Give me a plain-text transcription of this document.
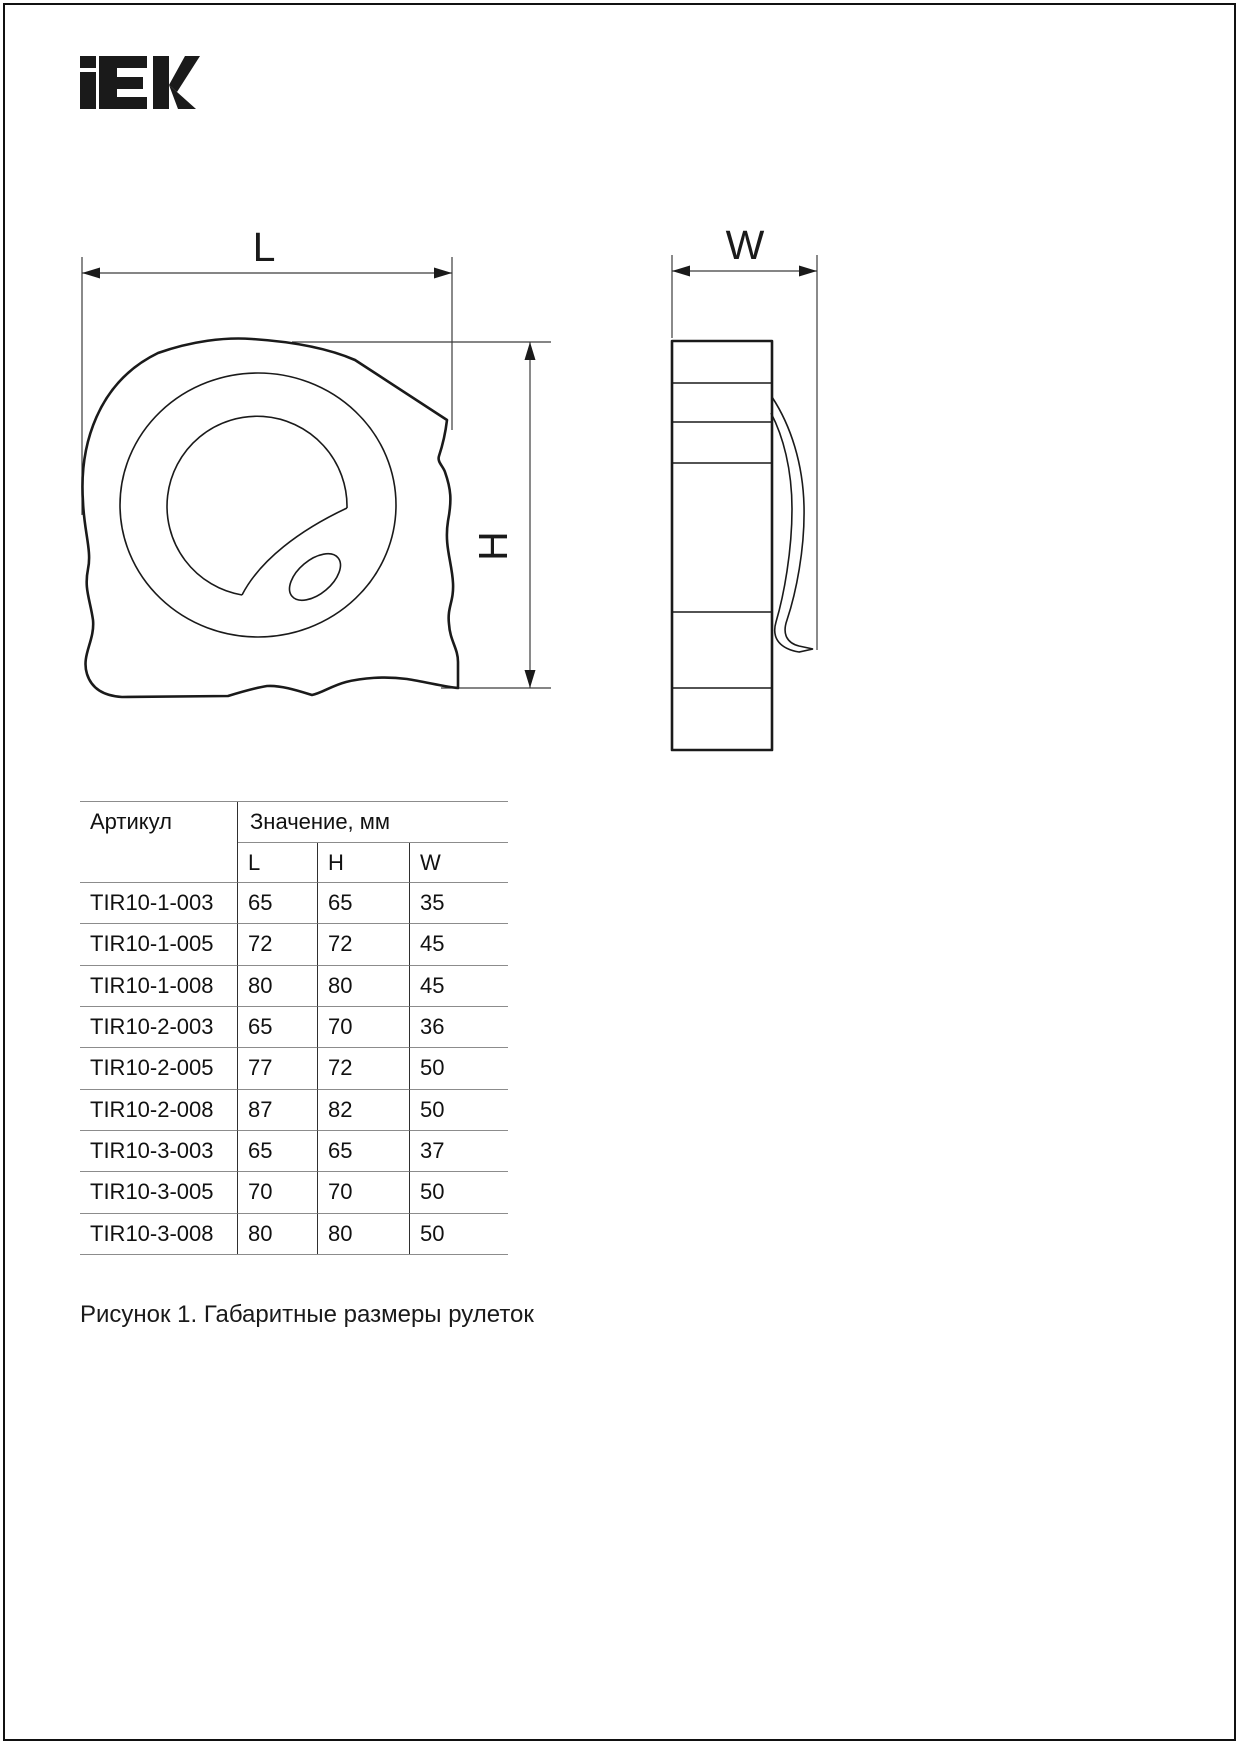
L
H
W
Артикул	Значение, мм
L	H	W
TIR10-1-003	65	65	35
TIR10-1-005	72	72	45
TIR10-1-008	80	80	45
TIR10-2-003	65	70	36
TIR10-2-005	77	72	50
TIR10-2-008	87	82	50
TIR10-3-003	65	65	37
TIR10-3-005	70	70	50
TIR10-3-008	80	80	50
Рисунок 1. Габаритные размеры рулеток
